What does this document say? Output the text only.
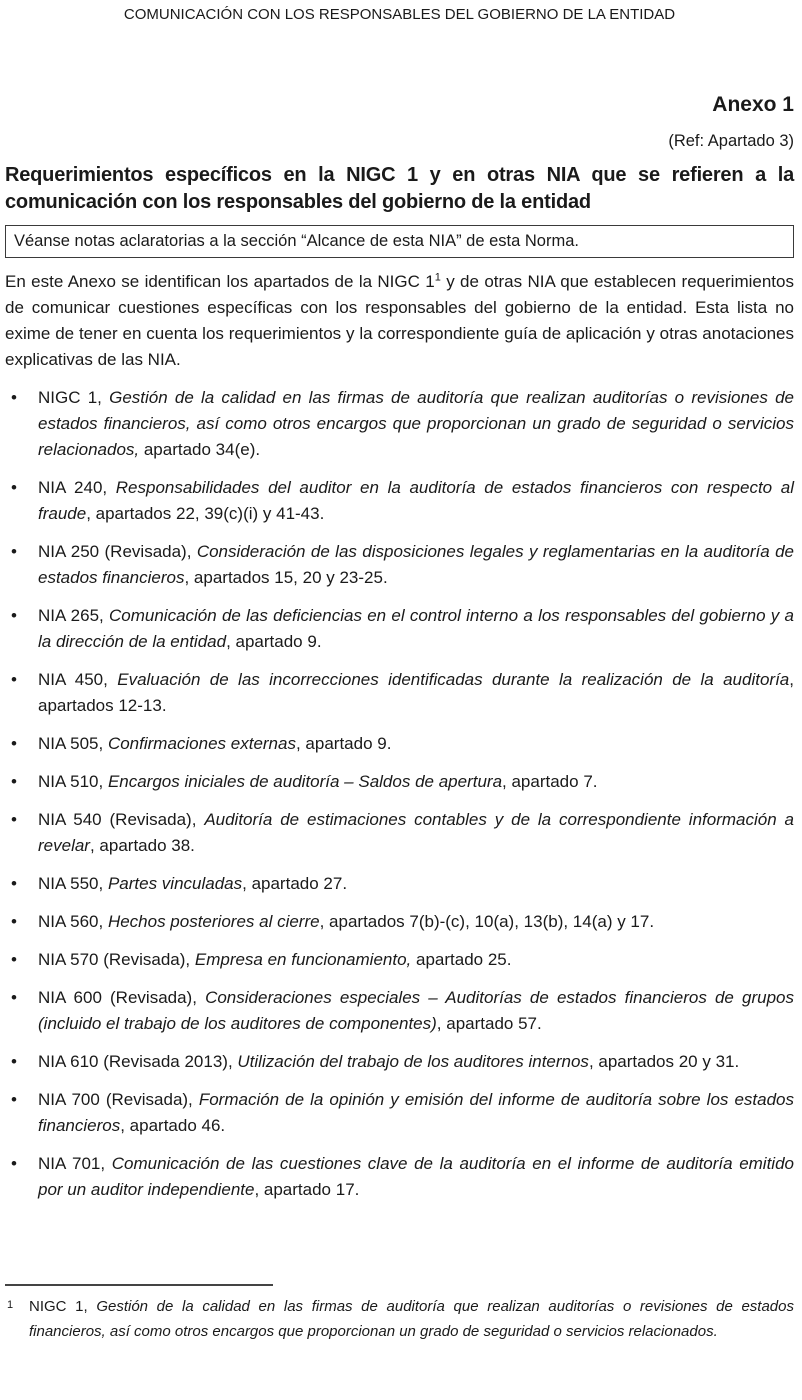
COMUNICACIÓN CON LOS RESPONSABLES DEL GOBIERNO DE LA ENTIDAD
Anexo 1
(Ref: Apartado 3)
Requerimientos específicos en la NIGC 1 y en otras NIA que se refieren a la comunicación con los responsables del gobierno de la entidad
Véanse notas aclaratorias a la sección “Alcance de esta NIA” de esta Norma.

En este Anexo se identifican los apartados de la NIGC 1$^1$ y de otras NIA que establecen requerimientos de comunicar cuestiones específicas con los responsables del gobierno de la entidad. Esta lista no exime de tener en cuenta los requerimientos y la correspondiente guía de aplicación y otras anotaciones explicativas de las NIA.

• NIGC 1, Gestión de la calidad en las firmas de auditoría que realizan auditorías o revisiones de estados financieros, así como otros encargos que proporcionan un grado de seguridad o servicios relacionados, apartado 34(e).
• NIA 240, Responsabilidades del auditor en la auditoría de estados financieros con respecto al fraude, apartados 22, 39(c)(i) y 41-43.
• NIA 250 (Revisada), Consideración de las disposiciones legales y reglamentarias en la auditoría de estados financieros, apartados 15, 20 y 23-25.
• NIA 265, Comunicación de las deficiencias en el control interno a los responsables del gobierno y a la dirección de la entidad, apartado 9.
• NIA 450, Evaluación de las incorrecciones identificadas durante la realización de la auditoría, apartados 12-13.
• NIA 505, Confirmaciones externas, apartado 9.
• NIA 510, Encargos iniciales de auditoría – Saldos de apertura, apartado 7.
• NIA 540 (Revisada), Auditoría de estimaciones contables y de la correspondiente información a revelar, apartado 38.
• NIA 550, Partes vinculadas, apartado 27.
• NIA 560, Hechos posteriores al cierre, apartados 7(b)-(c), 10(a), 13(b), 14(a) y 17.
• NIA 570 (Revisada), Empresa en funcionamiento, apartado 25.
• NIA 600 (Revisada), Consideraciones especiales – Auditorías de estados financieros de grupos (incluido el trabajo de los auditores de componentes), apartado 57.
• NIA 610 (Revisada 2013), Utilización del trabajo de los auditores internos, apartados 20 y 31.
• NIA 700 (Revisada), Formación de la opinión y emisión del informe de auditoría sobre los estados financieros, apartado 46.
• NIA 701, Comunicación de las cuestiones clave de la auditoría en el informe de auditoría emitido por un auditor independiente, apartado 17.
1 NIGC 1, Gestión de la calidad en las firmas de auditoría que realizan auditorías o revisiones de estados financieros, así como otros encargos que proporcionan un grado de seguridad o servicios relacionados.
